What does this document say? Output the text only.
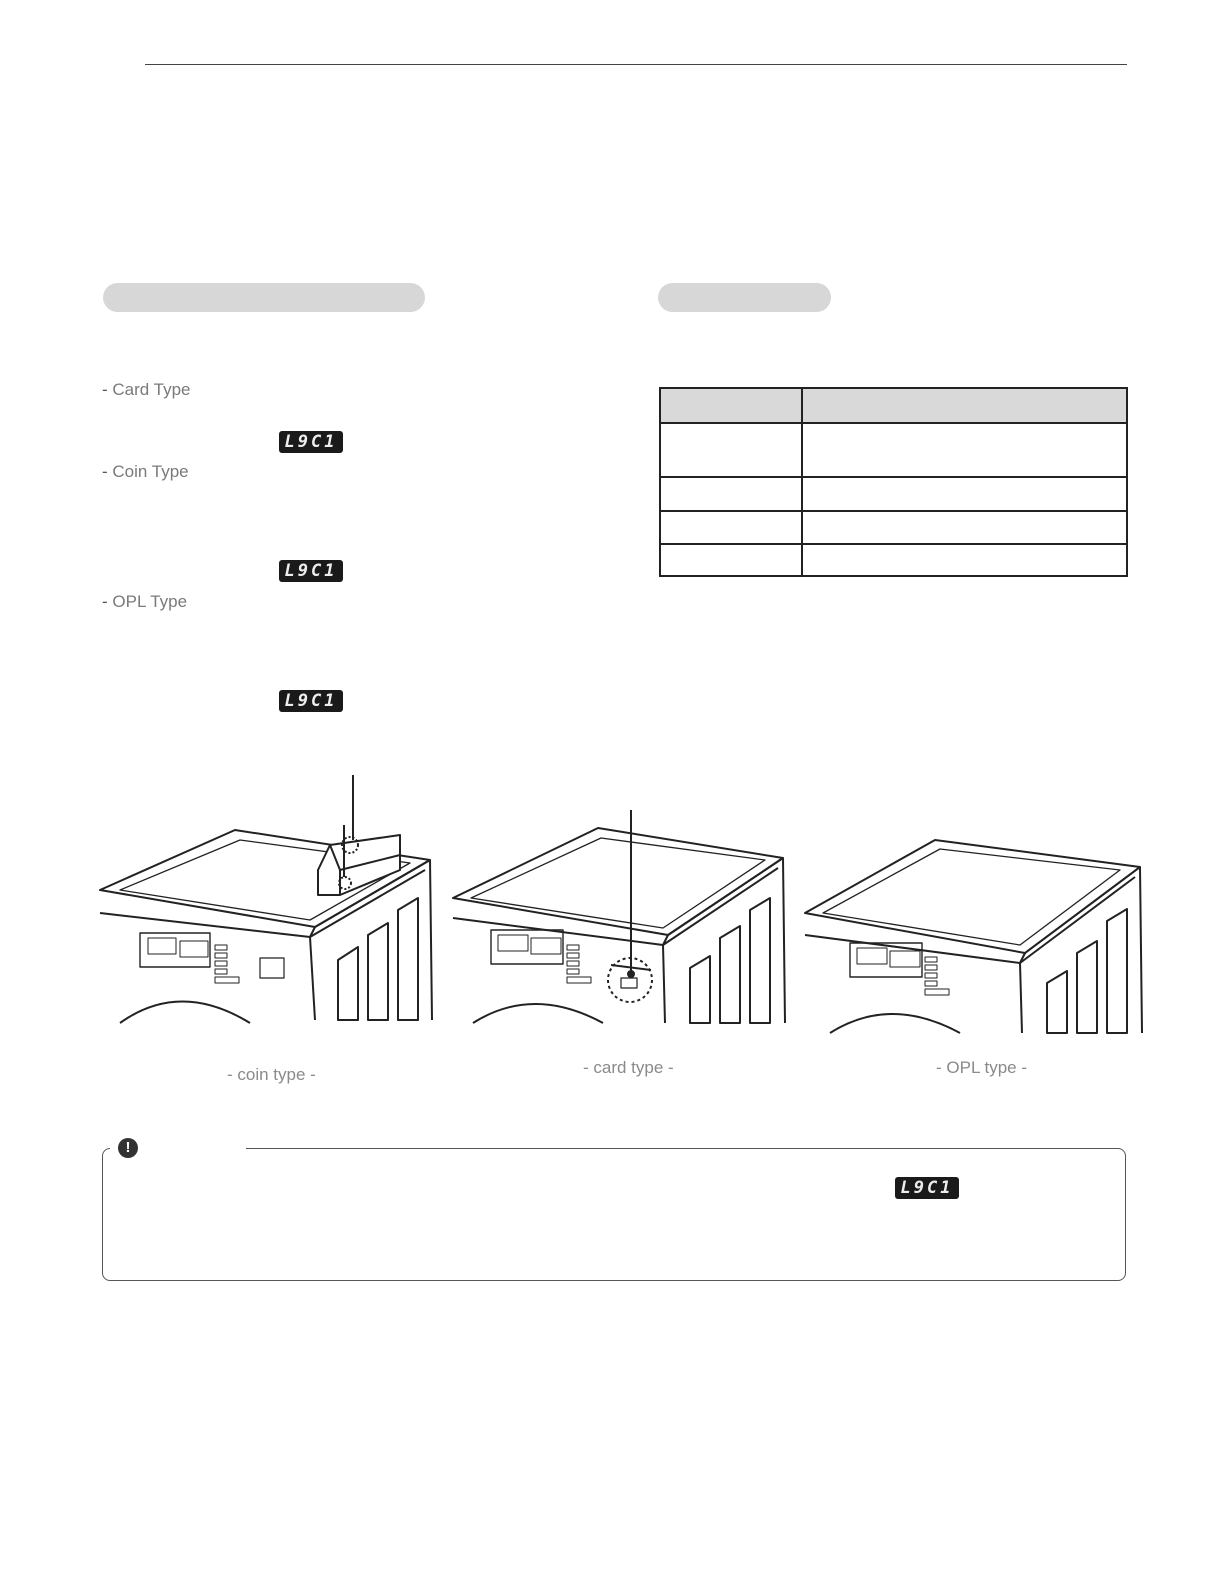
- Card Type
L9C1
- Coin Type
L9C1
- OPL Type
L9C1

- coin type -	- card type -	- OPL type -
!
L9C1
